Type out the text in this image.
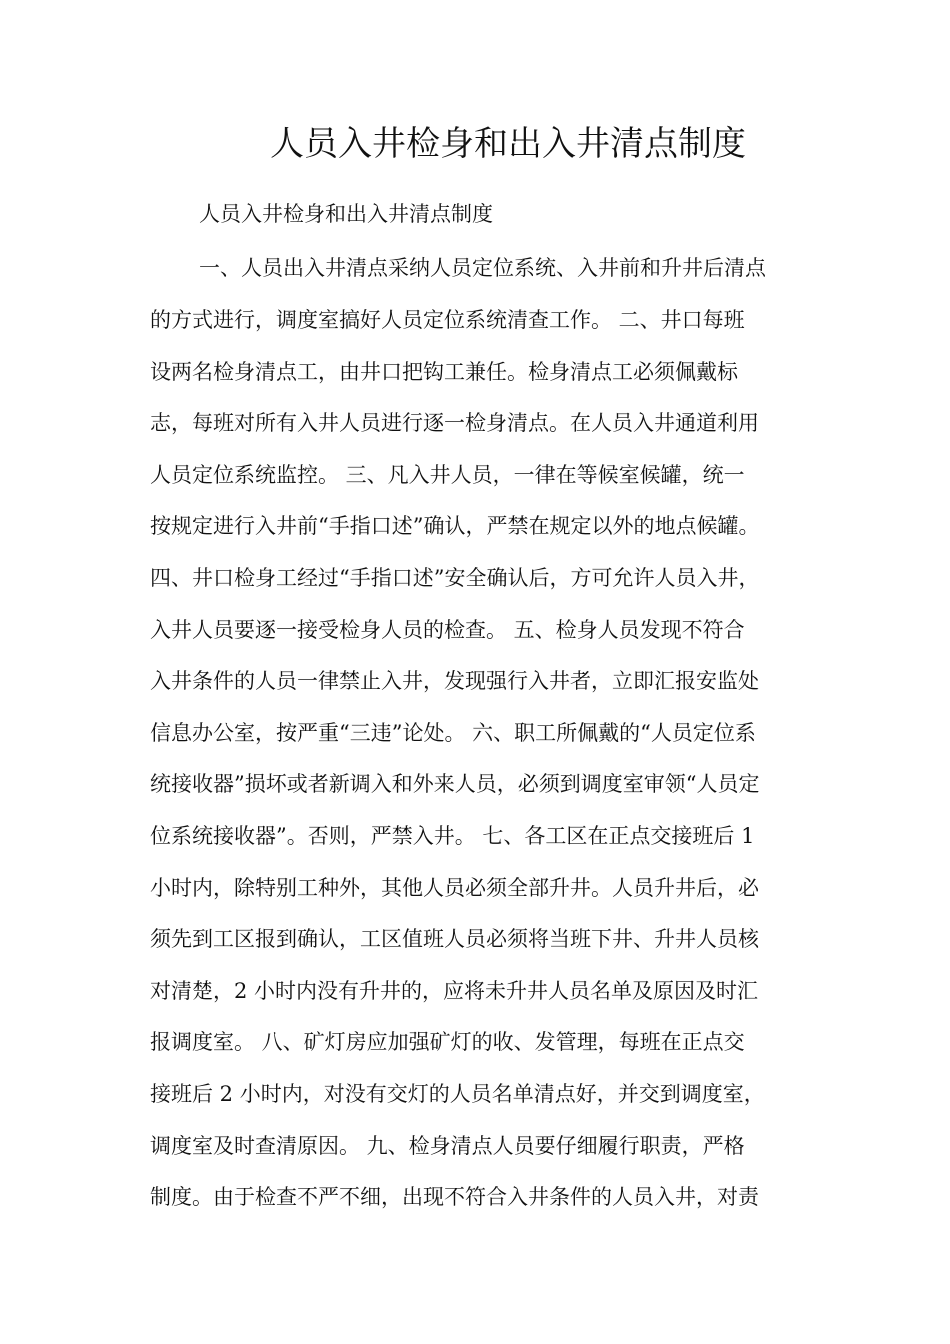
人员入井检身和出入井清点制度

人员入井检身和出入井清点制度

一、人员出入井清点采纳人员定位系统、入井前和升井后清点

的方式进行，调度室搞好人员定位系统清查工作。 二、井口每班

设两名检身清点工，由井口把钩工兼任。检身清点工必须佩戴标

志，每班对所有入井人员进行逐一检身清点。在人员入井通道利用

人员定位系统监控。 三、凡入井人员，一律在等候室候罐，统一

按规定进行入井前“手指口述”确认，严禁在规定以外的地点候罐。

四、井口检身工经过“手指口述”安全确认后，方可允许人员入井，

入井人员要逐一接受检身人员的检查。 五、检身人员发现不符合

入井条件的人员一律禁止入井，发现强行入井者，立即汇报安监处

信息办公室，按严重“三违”论处。 六、职工所佩戴的“人员定位系

统接收器”损坏或者新调入和外来人员，必须到调度室审领“人员定

位系统接收器”。否则，严禁入井。 七、各工区在正点交接班后 1

小时内，除特别工种外，其他人员必须全部升井。人员升井后，必

须先到工区报到确认，工区值班人员必须将当班下井、升井人员核

对清楚，2 小时内没有升井的，应将未升井人员名单及原因及时汇

报调度室。 八、矿灯房应加强矿灯的收、发管理，每班在正点交

接班后 2 小时内，对没有交灯的人员名单清点好，并交到调度室，

调度室及时查清原因。 九、检身清点人员要仔细履行职责，严格

制度。由于检查不严不细，出现不符合入井条件的人员入井，对责
